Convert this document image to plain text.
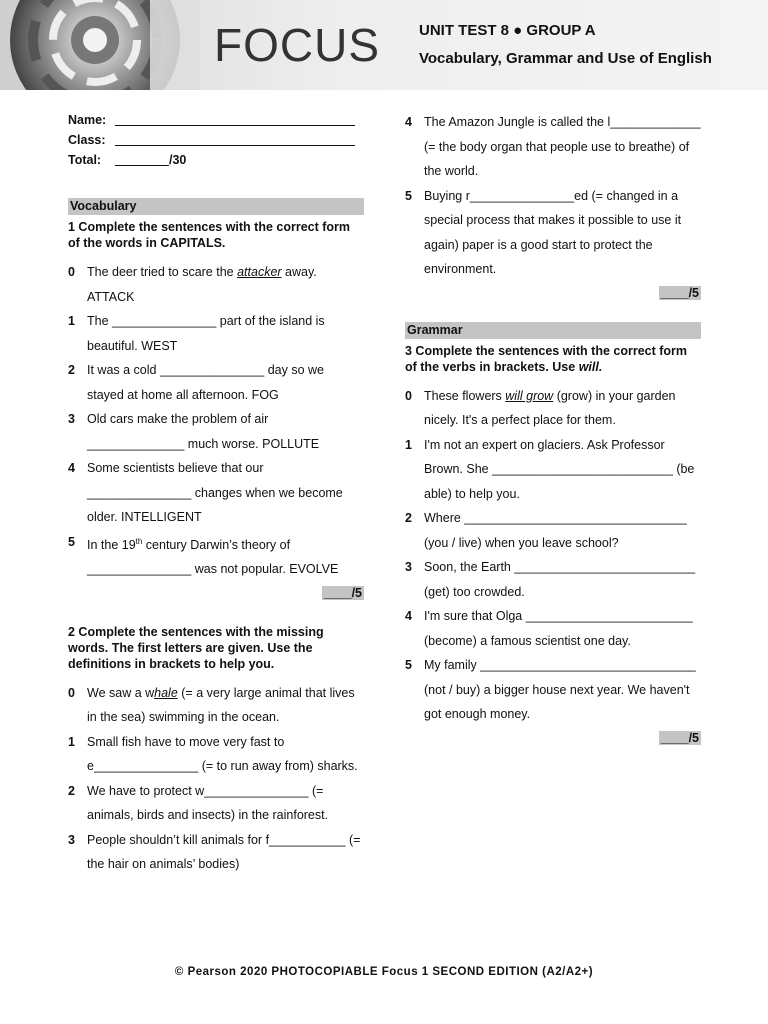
FOCUS	UNIT TEST 8 ● GROUP A
Vocabulary, Grammar and Use of English
Name:
Class:
Total:	/30
Vocabulary
1 Complete the sentences with the correct form of the words in CAPITALS.
0 The deer tried to scare the attacker away. ATTACK
1 The _______________ part of the island is beautiful. WEST
2 It was a cold _______________ day so we stayed at home all afternoon. FOG
3 Old cars make the problem of air ______________ much worse. POLLUTE
4 Some scientists believe that our _______________ changes when we become older. INTELLIGENT
5 In the 19th century Darwin’s theory of _______________ was not popular. EVOLVE
____/5
2 Complete the sentences with the missing words. The first letters are given. Use the definitions in brackets to help you.
0 We saw a whale (= a very large animal that lives in the sea) swimming in the ocean.
1 Small fish have to move very fast to e_______________ (= to run away from) sharks.
2 We have to protect w_______________ (= animals, birds and insects) in the rainforest.
3 People shouldn’t kill animals for f___________ (= the hair on animals’ bodies)
4 The Amazon Jungle is called the l_____________ (= the body organ that people use to breathe) of the world.
5 Buying r_______________ed (= changed in a special process that makes it possible to use it again) paper is a good start to protect the environment.
____/5
Grammar
3 Complete the sentences with the correct form of the verbs in brackets. Use will.
0 These flowers will grow (grow) in your garden nicely. It's a perfect place for them.
1 I'm not an expert on glaciers. Ask Professor Brown. She __________________________ (be able) to help you.
2 Where ________________________________ (you / live) when you leave school?
3 Soon, the Earth __________________________ (get) too crowded.
4 I'm sure that Olga ________________________ (become) a famous scientist one day.
5 My family _______________________________ (not / buy) a bigger house next year. We haven't got enough money.
____/5
© Pearson 2020 PHOTOCOPIABLE Focus 1 SECOND EDITION (A2/A2+)
